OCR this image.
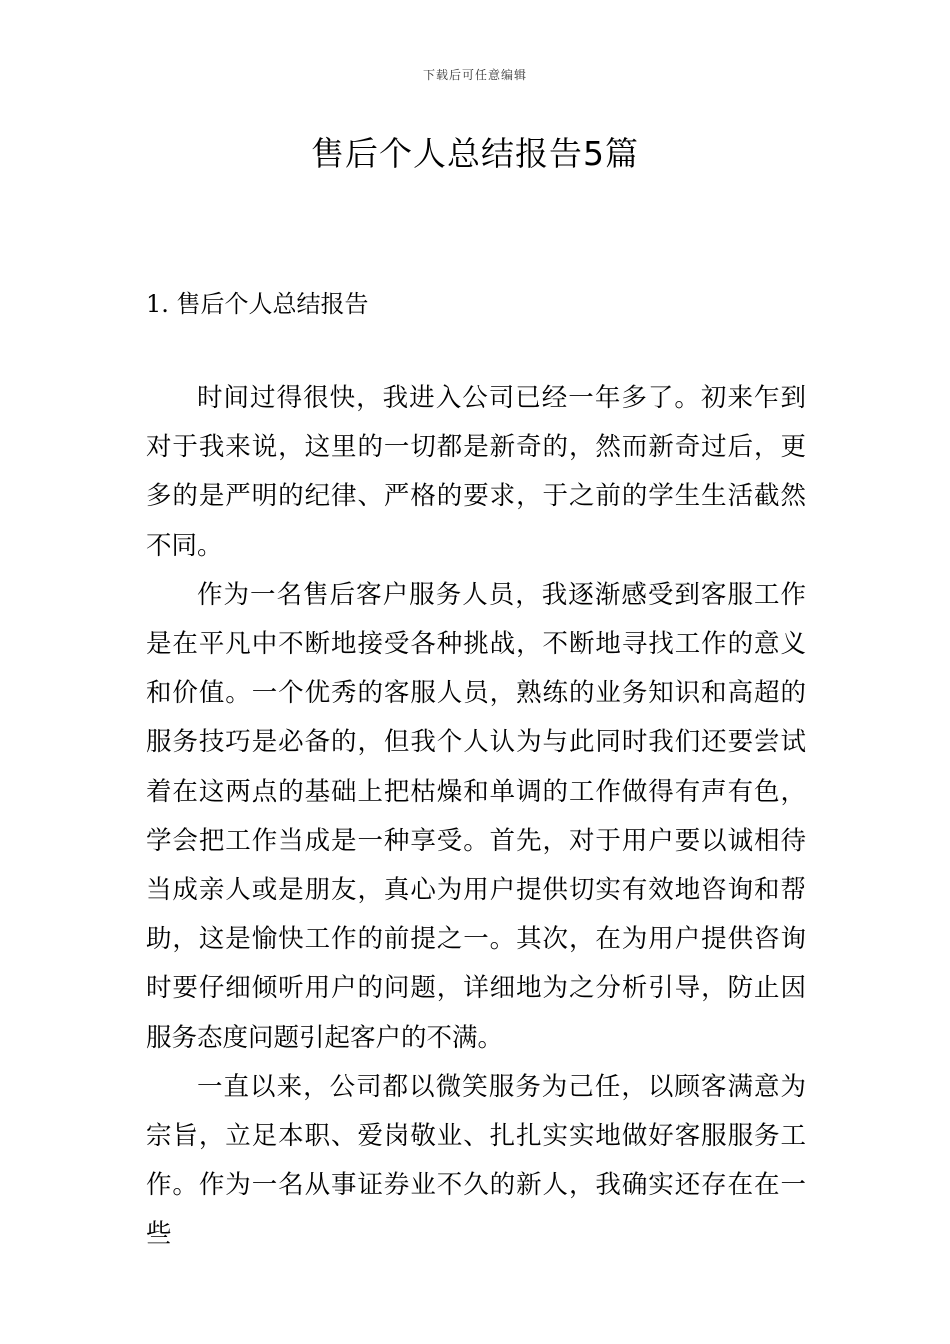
下载后可任意编辑
售后个人总结报告5篇
1. 售后个人总结报告

时间过得很快，我进入公司已经一年多了。初来乍到对于我来说，这里的一切都是新奇的，然而新奇过后，更多的是严明的纪律、严格的要求，于之前的学生生活截然不同。

作为一名售后客户服务人员，我逐渐感受到客服工作是在平凡中不断地接受各种挑战，不断地寻找工作的意义和价值。一个优秀的客服人员，熟练的业务知识和高超的服务技巧是必备的，但我个人认为与此同时我们还要尝试着在这两点的基础上把枯燥和单调的工作做得有声有色，学会把工作当成是一种享受。首先，对于用户要以诚相待当成亲人或是朋友，真心为用户提供切实有效地咨询和帮助，这是愉快工作的前提之一。其次，在为用户提供咨询时要仔细倾听用户的问题，详细地为之分析引导，防止因服务态度问题引起客户的不满。

一直以来，公司都以微笑服务为己任，以顾客满意为宗旨，立足本职、爱岗敬业、扎扎实实地做好客服服务工作。作为一名从事证券业不久的新人，我确实还存在在一些
